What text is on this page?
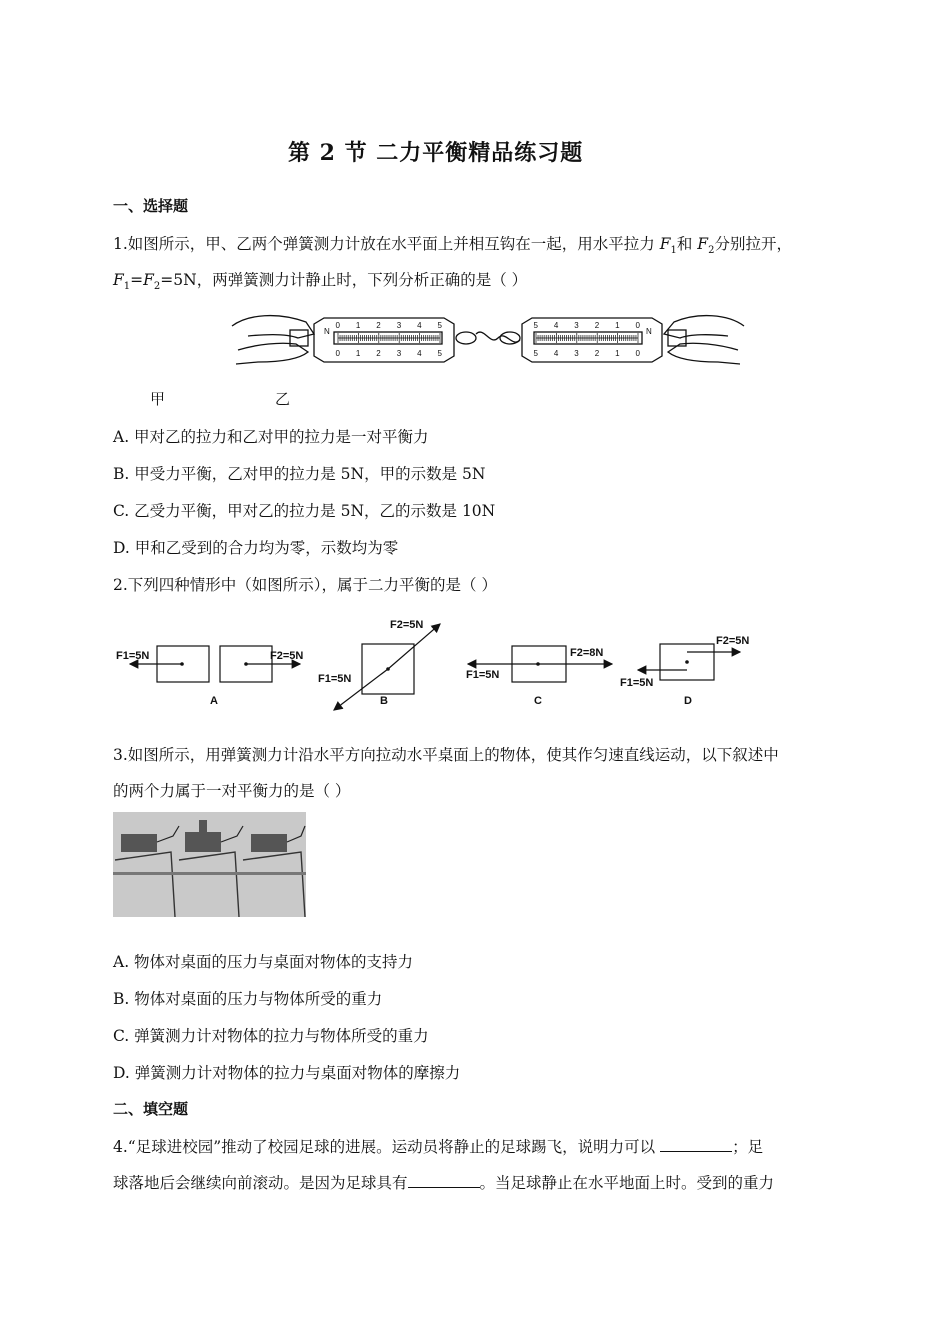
第 2 节 二力平衡精品练习题
一、选择题
1.如图所示，甲、乙两个弹簧测力计放在水平面上并相互钩在一起，用水平拉力 $F_1$和 $F_2$分别拉开，
$F_1=F_2=5N$，两弹簧测力计静止时，下列分析正确的是（ ）
N	N
0
0
1
1
2
2
3
3
4
4
5
5
5
5
4
4
3
3
2
2
1
1
0
0
甲	乙
A. 甲对乙的拉力和乙对甲的拉力是一对平衡力
B. 甲受力平衡，乙对甲的拉力是 5N，甲的示数是 5N
C. 乙受力平衡，甲对乙的拉力是 5N，乙的示数是 10N
D. 甲和乙受到的合力均为零，示数均为零
2.下列四种情形中（如图所示），属于二力平衡的是（ ）
F1=5N	F2=5N
A
F1=5N
F2=5N
B
F1=5N
F2=8N
C
F1=5N
F2=5N
D
3.如图所示，用弹簧测力计沿水平方向拉动水平桌面上的物体，使其作匀速直线运动，以下叙述中
的两个力属于一对平衡力的是（ ）
A. 物体对桌面的压力与桌面对物体的支持力
B. 物体对桌面的压力与物体所受的重力
C. 弹簧测力计对物体的拉力与物体所受的重力
D. 弹簧测力计对物体的拉力与桌面对物体的摩擦力
二、填空题
4.“足球进校园”推动了校园足球的进展。运动员将静止的足球踢飞，说明力可以	；足
球落地后会继续向前滚动。是因为足球具有	。当足球静止在水平地面上时。受到的重力
